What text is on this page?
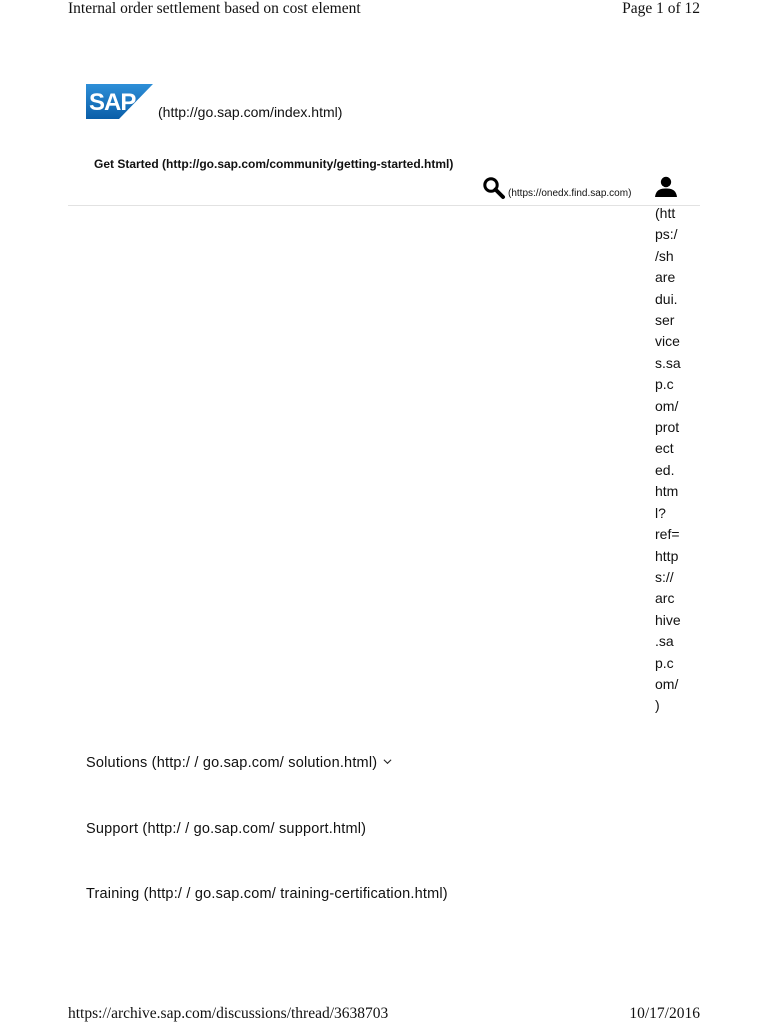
Internal order settlement based on cost element	Page 1 of 12
SAP (http://go.sap.com/index.html)
Get Started (http://go.sap.com/community/getting-started.html)
(https://onedx.find.sap.com)
(htt
ps:/
/sh
are
dui.
ser
vice
s.sa
p.c
om/
prot
ect
ed.
htm
l?
ref=
http
s://
arc
hive
.sa
p.c
om/
)
Solutions (http:/ / go.sap.com/ solution.html)
Support (http:/ / go.sap.com/ support.html)
Training (http:/ / go.sap.com/ training-certification.html)
https://archive.sap.com/discussions/thread/3638703	10/17/2016
